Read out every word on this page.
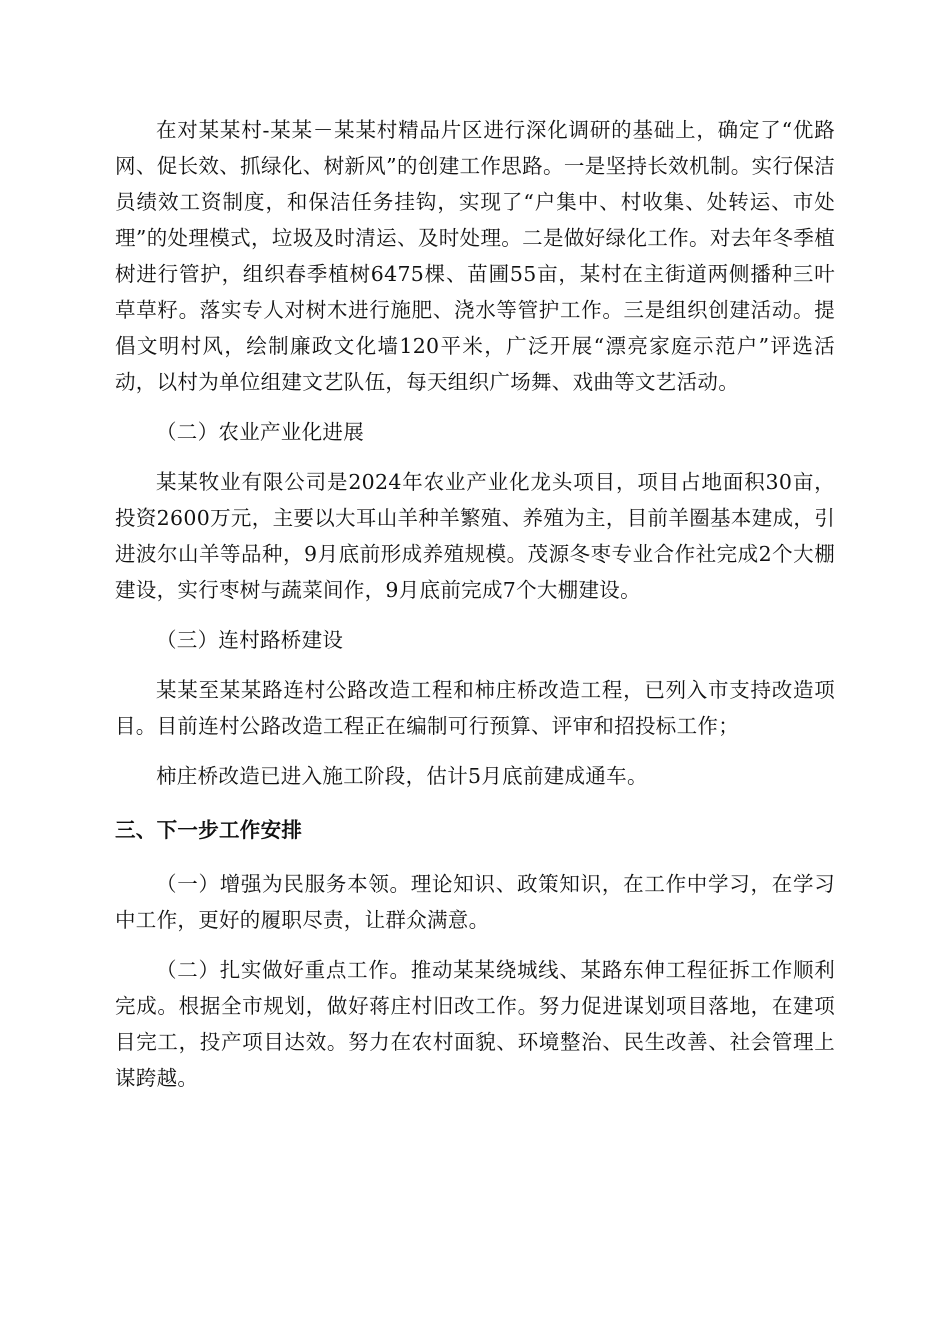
在对某某村-某某－某某村精品片区进行深化调研的基础上，确定了“优路网、促长效、抓绿化、树新风”的创建工作思路。一是坚持长效机制。实行保洁员绩效工资制度，和保洁任务挂钩，实现了“户集中、村收集、处转运、市处理”的处理模式，垃圾及时清运、及时处理。二是做好绿化工作。对去年冬季植树进行管护，组织春季植树6475棵、苗圃55亩，某村在主街道两侧播种三叶草草籽。落实专人对树木进行施肥、浇水等管护工作。三是组织创建活动。提倡文明村风，绘制廉政文化墙120平米，广泛开展“漂亮家庭示范户”评选活动，以村为单位组建文艺队伍，每天组织广场舞、戏曲等文艺活动。

（二）农业产业化进展

某某牧业有限公司是2024年农业产业化龙头项目，项目占地面积30亩，投资2600万元，主要以大耳山羊种羊繁殖、养殖为主，目前羊圈基本建成，引进波尔山羊等品种，9月底前形成养殖规模。茂源冬枣专业合作社完成2个大棚建设，实行枣树与蔬菜间作，9月底前完成7个大棚建设。

（三）连村路桥建设

某某至某某路连村公路改造工程和柿庄桥改造工程，已列入市支持改造项目。目前连村公路改造工程正在编制可行预算、评审和招投标工作；

柿庄桥改造已进入施工阶段，估计5月底前建成通车。

三、下一步工作安排

（一）增强为民服务本领。理论知识、政策知识，在工作中学习，在学习中工作，更好的履职尽责，让群众满意。

（二）扎实做好重点工作。推动某某绕城线、某路东伸工程征拆工作顺利完成。根据全市规划，做好蒋庄村旧改工作。努力促进谋划项目落地，在建项目完工，投产项目达效。努力在农村面貌、环境整治、民生改善、社会管理上谋跨越。
